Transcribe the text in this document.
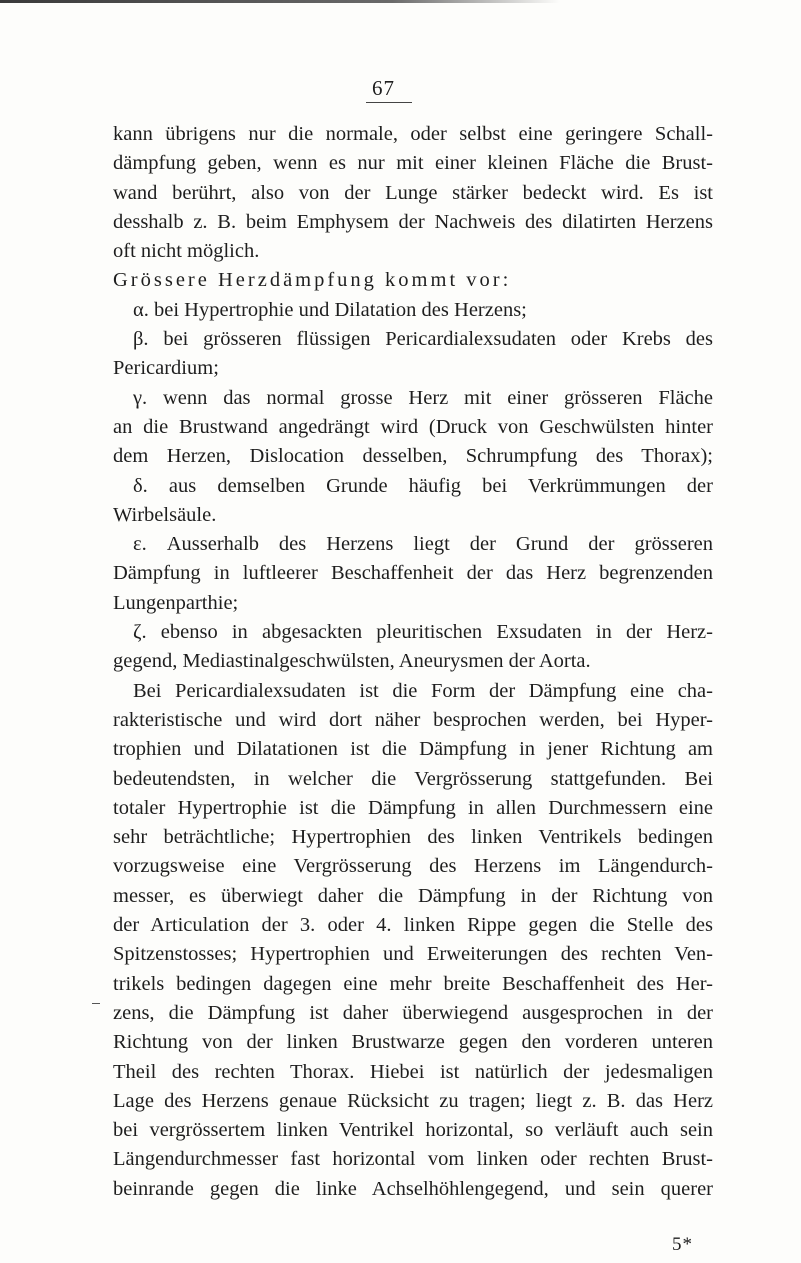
67
kann übrigens nur die normale, oder selbst eine geringere Schall-
dämpfung geben, wenn es nur mit einer kleinen Fläche die Brust-
wand berührt, also von der Lunge stärker bedeckt wird. Es ist
desshalb z. B. beim Emphysem der Nachweis des dilatirten Herzens
oft nicht möglich.
Grössere Herzdämpfung kommt vor:
α. bei Hypertrophie und Dilatation des Herzens;
β. bei grösseren flüssigen Pericardialexsudaten oder Krebs des
Pericardium;
γ. wenn das normal grosse Herz mit einer grösseren Fläche
an die Brustwand angedrängt wird (Druck von Geschwülsten hinter
dem Herzen, Dislocation desselben, Schrumpfung des Thorax);
δ. aus demselben Grunde häufig bei Verkrümmungen der
Wirbelsäule.
ε. Ausserhalb des Herzens liegt der Grund der grösseren
Dämpfung in luftleerer Beschaffenheit der das Herz begrenzenden
Lungenparthie;
ζ. ebenso in abgesackten pleuritischen Exsudaten in der Herz-
gegend, Mediastinalgeschwülsten, Aneurysmen der Aorta.
Bei Pericardialexsudaten ist die Form der Dämpfung eine cha-
rakteristische und wird dort näher besprochen werden, bei Hyper-
trophien und Dilatationen ist die Dämpfung in jener Richtung am
bedeutendsten, in welcher die Vergrösserung stattgefunden. Bei
totaler Hypertrophie ist die Dämpfung in allen Durchmessern eine
sehr beträchtliche; Hypertrophien des linken Ventrikels bedingen
vorzugsweise eine Vergrösserung des Herzens im Längendurch-
messer, es überwiegt daher die Dämpfung in der Richtung von
der Articulation der 3. oder 4. linken Rippe gegen die Stelle des
Spitzenstosses; Hypertrophien und Erweiterungen des rechten Ven-
trikels bedingen dagegen eine mehr breite Beschaffenheit des Her-
zens, die Dämpfung ist daher überwiegend ausgesprochen in der
Richtung von der linken Brustwarze gegen den vorderen unteren
Theil des rechten Thorax. Hiebei ist natürlich der jedesmaligen
Lage des Herzens genaue Rücksicht zu tragen; liegt z. B. das Herz
bei vergrössertem linken Ventrikel horizontal, so verläuft auch sein
Längendurchmesser fast horizontal vom linken oder rechten Brust-
beinrande gegen die linke Achselhöhlengegend, und sein querer
5*
